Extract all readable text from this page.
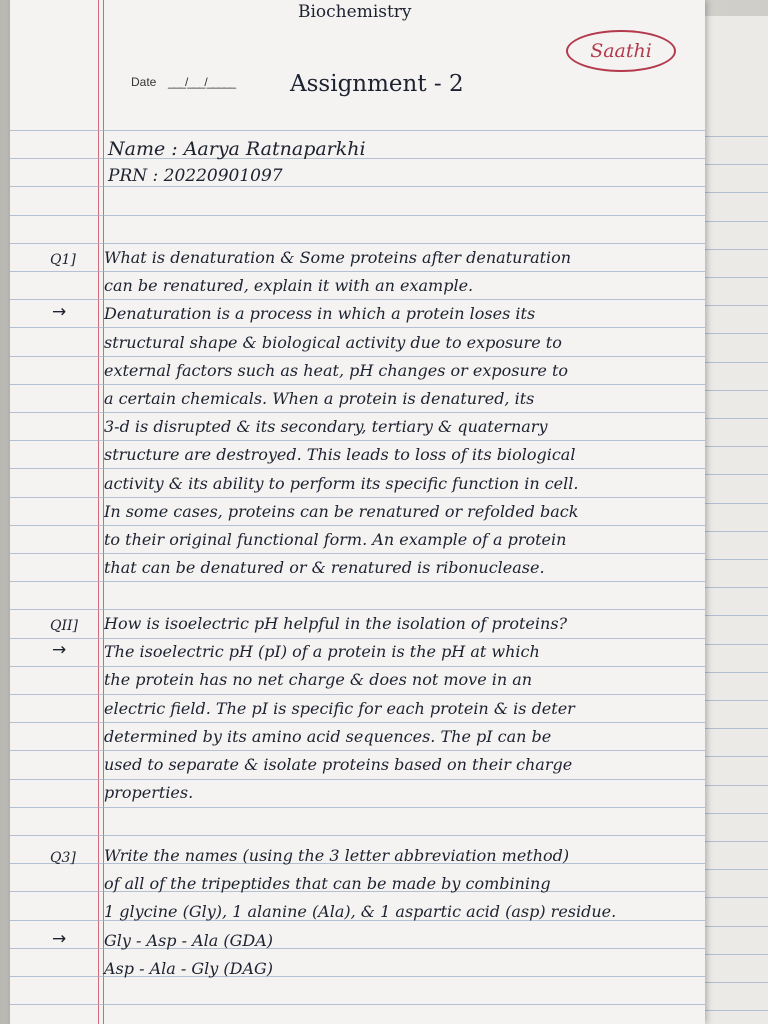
Biochemistry
Saathi
Date ___/___/_____ Assignment - 2
Name : Aarya Ratnaparkhi
PRN : 20220901097
Q1] What is denaturation & Some proteins after denaturation
can be renatured, explain it with an example.
→ Denaturation is a process in which a protein loses its
structural shape & biological activity due to exposure to
external factors such as heat, pH changes or exposure to
a certain chemicals. When a protein is denatured, its
3-d is disrupted & its secondary, tertiary & quaternary
structure are destroyed. This leads to loss of its biological
activity & its ability to perform its specific function in cell.
In some cases, proteins can be renatured or refolded back
to their original functional form. An example of a protein
that can be denatured or & renatured is ribonuclease.
QII] How is isoelectric pH helpful in the isolation of proteins?
→ The isoelectric pH (pI) of a protein is the pH at which
the protein has no net charge & does not move in an
electric field. The pI is specific for each protein & is deter
determined by its amino acid sequences. The pI can be
used to separate & isolate proteins based on their charge
properties.
Q3] Write the names (using the 3 letter abbreviation method)
of all of the tripeptides that can be made by combining
1 glycine (Gly), 1 alanine (Ala), & 1 aspartic acid (asp) residue.
→ Gly - Asp - Ala (GDA)
Asp - Ala - Gly (DAG)
